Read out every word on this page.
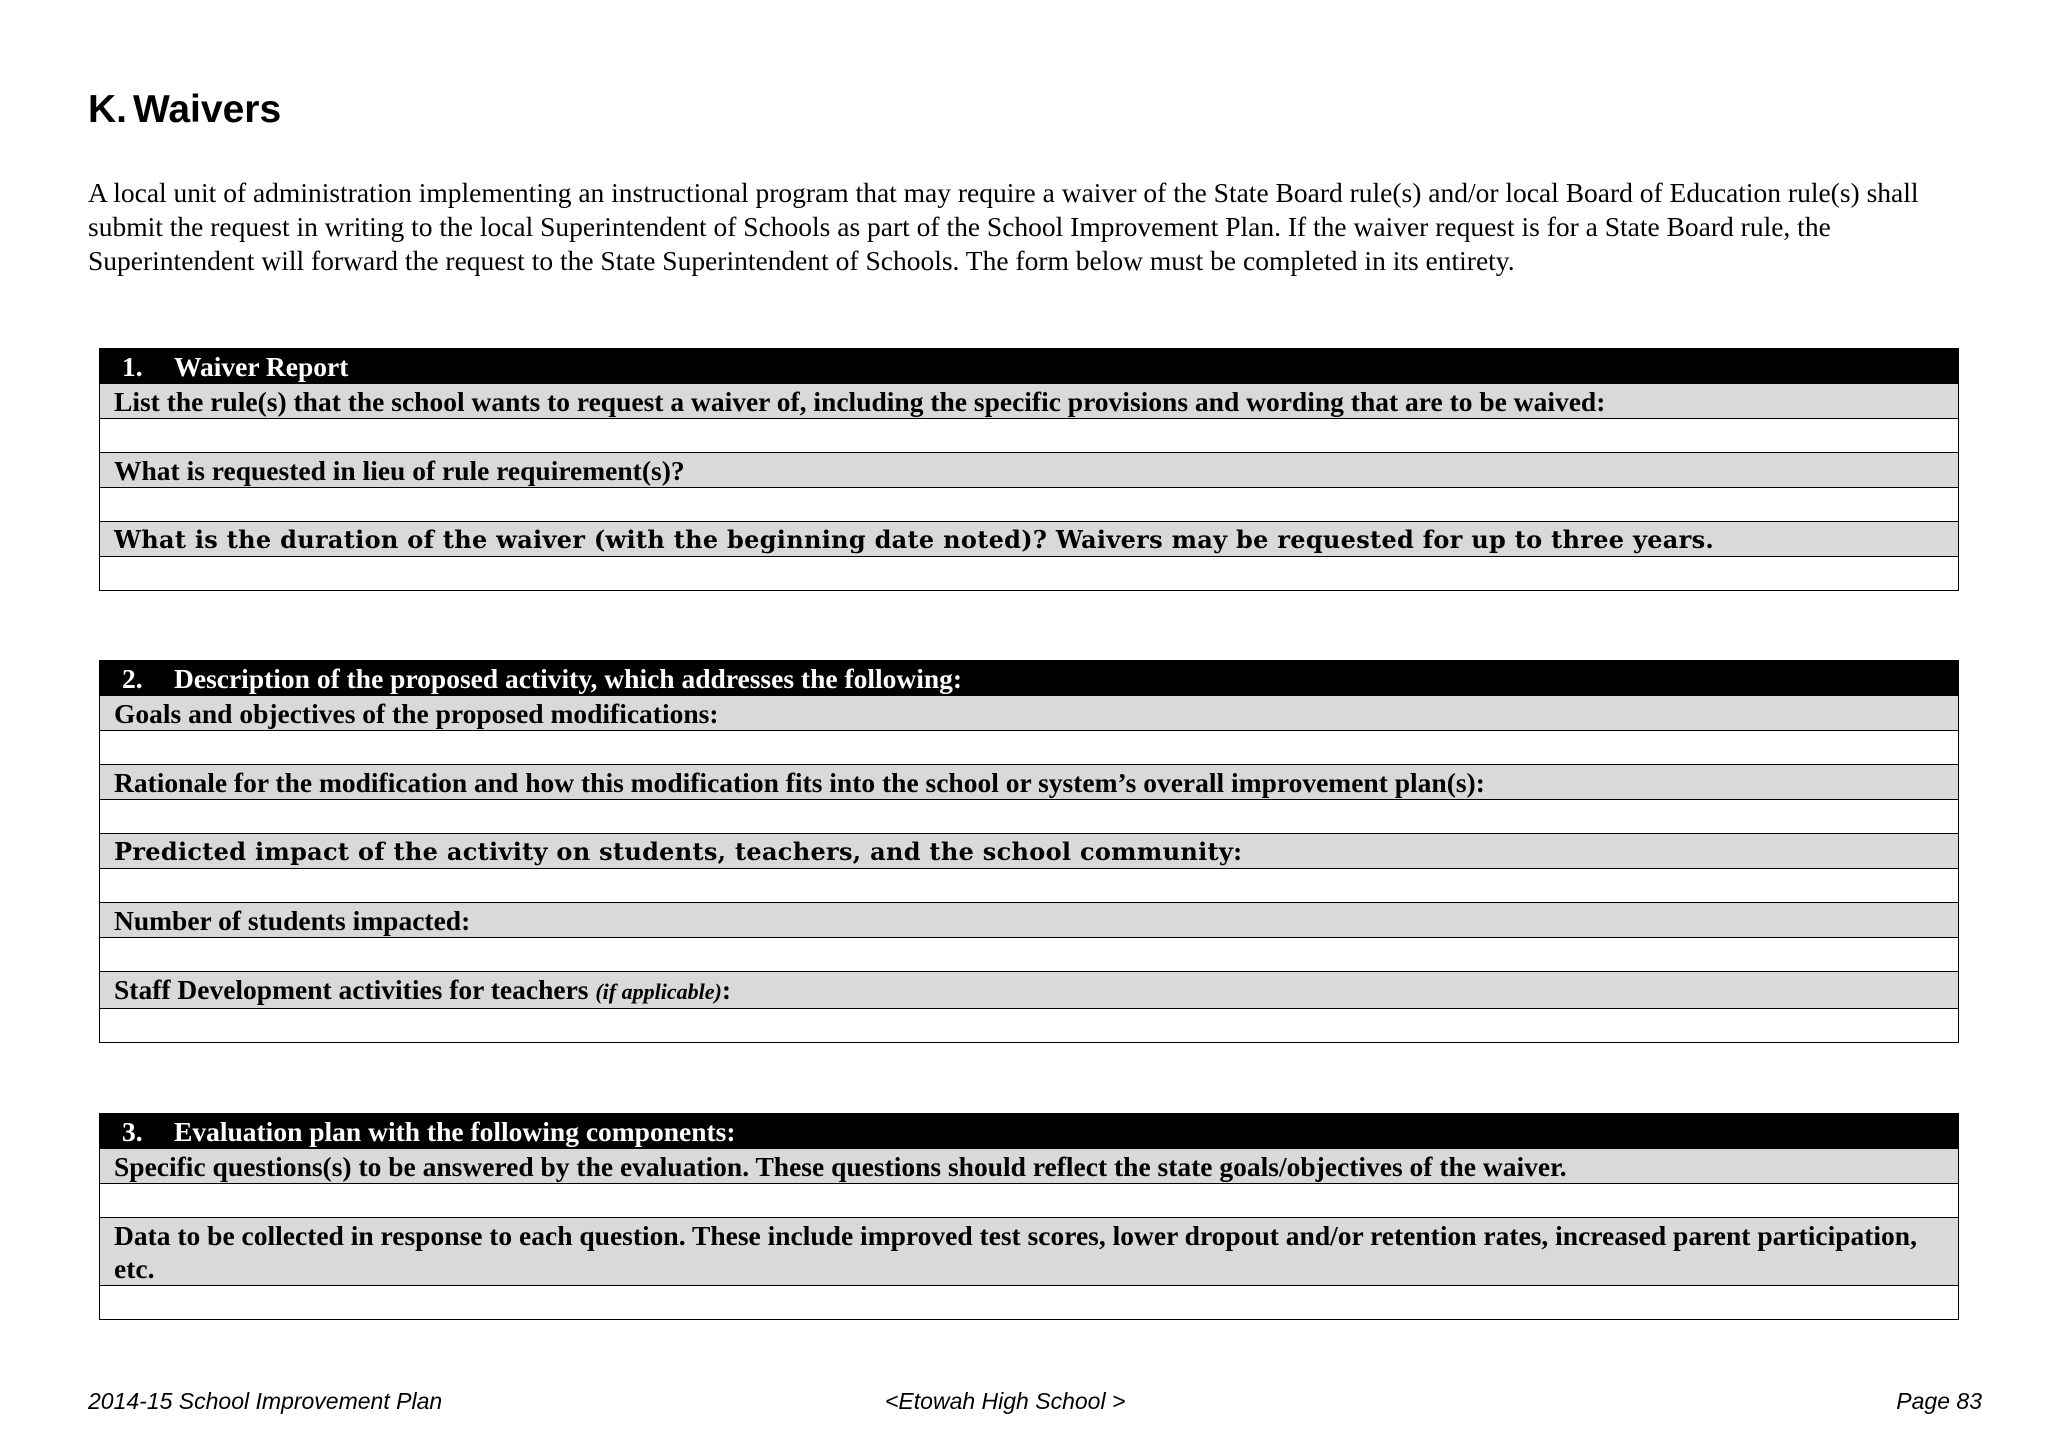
K. Waivers

A local unit of administration implementing an instructional program that may require a waiver of the State Board rule(s) and/or local Board of Education rule(s) shall submit the request in writing to the local Superintendent of Schools as part of the School Improvement Plan. If the waiver request is for a State Board rule, the Superintendent will forward the request to the State Superintendent of Schools. The form below must be completed in its entirety.

1. Waiver Report
List the rule(s) that the school wants to request a waiver of, including the specific provisions and wording that are to be waived:
What is requested in lieu of rule requirement(s)?
What is the duration of the waiver (with the beginning date noted)? Waivers may be requested for up to three years.
2. Description of the proposed activity, which addresses the following:
Goals and objectives of the proposed modifications:
Rationale for the modification and how this modification fits into the school or system’s overall improvement plan(s):
Predicted impact of the activity on students, teachers, and the school community:
Number of students impacted:
Staff Development activities for teachers (if applicable):
3. Evaluation plan with the following components:
Specific questions(s) to be answered by the evaluation. These questions should reflect the state goals/objectives of the waiver.
Data to be collected in response to each question. These include improved test scores, lower dropout and/or retention rates, increased parent participation, etc.
2014-15 School Improvement Plan	<Etowah High School >	Page 83
